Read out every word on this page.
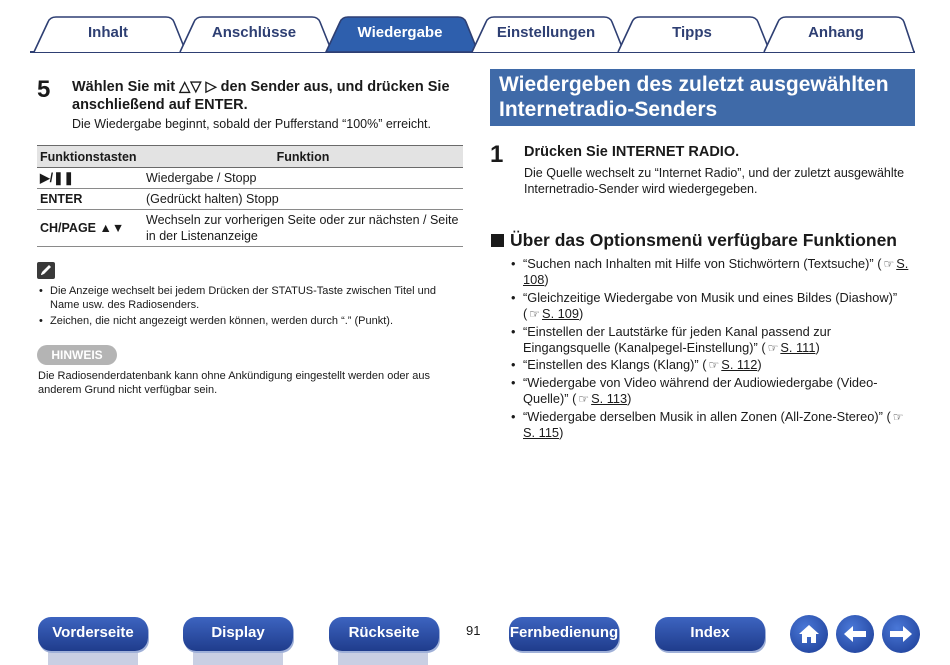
Inhalt	Anschlüsse	Wiedergabe	Einstellungen	Tipps	Anhang
5 Wählen Sie mit △▽ ▷ den Sender aus, und drücken Sie
anschließend auf ENTER.
Die Wiedergabe beginnt, sobald der Pufferstand “100%” erreicht.
Funktionstasten	Funktion
▶/❚❚	Wiedergabe / Stopp
ENTER	(Gedrückt halten) Stopp
CH/PAGE ▲▼	Wechseln zur vorherigen Seite oder zur nächsten / Seite in der Listenanzeige
• Die Anzeige wechselt bei jedem Drücken der STATUS-Taste zwischen Titel und Name usw. des Radiosenders.
• Zeichen, die nicht angezeigt werden können, werden durch “.” (Punkt).
HINWEIS
Die Radiosenderdatenbank kann ohne Ankündigung eingestellt werden oder aus anderem Grund nicht verfügbar sein.
Wiedergeben des zuletzt ausgewählten Internetradio-Senders
1 Drücken Sie INTERNET RADIO.
Die Quelle wechselt zu “Internet Radio”, und der zuletzt ausgewählte Internetradio-Sender wird wiedergegeben.
Über das Optionsmenü verfügbare Funktionen
• “Suchen nach Inhalten mit Hilfe von Stichwörtern (Textsuche)” ( ☞ S. 108)
• “Gleichzeitige Wiedergabe von Musik und eines Bildes (Diashow)” ( ☞ S. 109)
• “Einstellen der Lautstärke für jeden Kanal passend zur Eingangsquelle (Kanalpegel-Einstellung)” ( ☞ S. 111)
• “Einstellen des Klangs (Klang)” ( ☞ S. 112)
• “Wiedergabe von Video während der Audiowiedergabe (Video-Quelle)” ( ☞ S. 113)
• “Wiedergabe derselben Musik in allen Zonen (All-Zone-Stereo)” ( ☞S. 115)
Vorderseite	Display	Rückseite	91 Fernbedienung	Index
